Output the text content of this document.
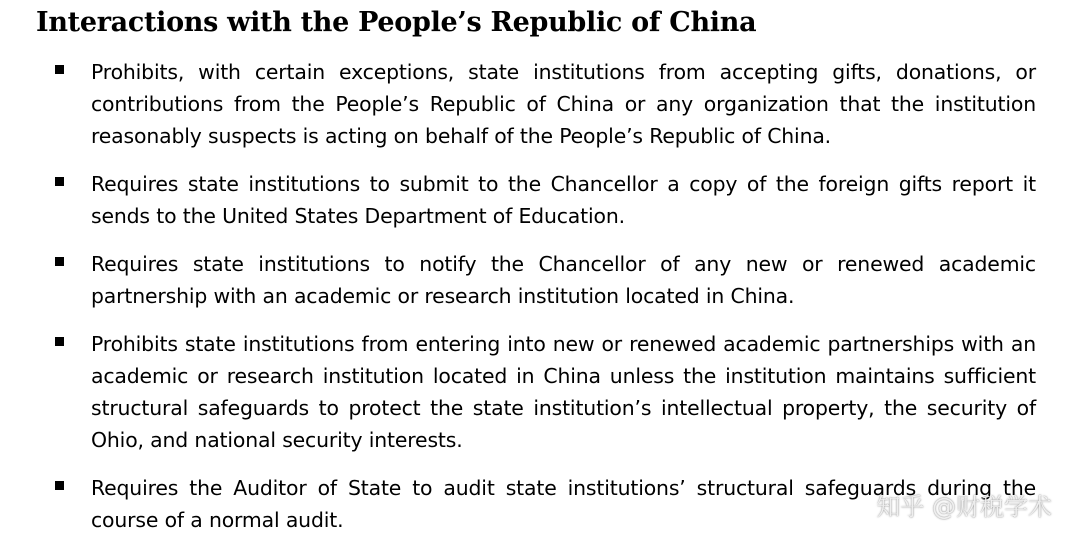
Interactions with the People’s Republic of China
Prohibits, with certain exceptions, state institutions from accepting gifts, donations, or contributions from the People’s Republic of China or any organization that the institution reasonably suspects is acting on behalf of the People’s Republic of China.
Requires state institutions to submit to the Chancellor a copy of the foreign gifts report it sends to the United States Department of Education.
Requires state institutions to notify the Chancellor of any new or renewed academic partnership with an academic or research institution located in China.
Prohibits state institutions from entering into new or renewed academic partnerships with an academic or research institution located in China unless the institution maintains sufficient structural safeguards to protect the state institution’s intellectual property, the security of Ohio, and national security interests.
Requires the Auditor of State to audit state institutions’ structural safeguards during the course of a normal audit.	知乎 @财税学术
